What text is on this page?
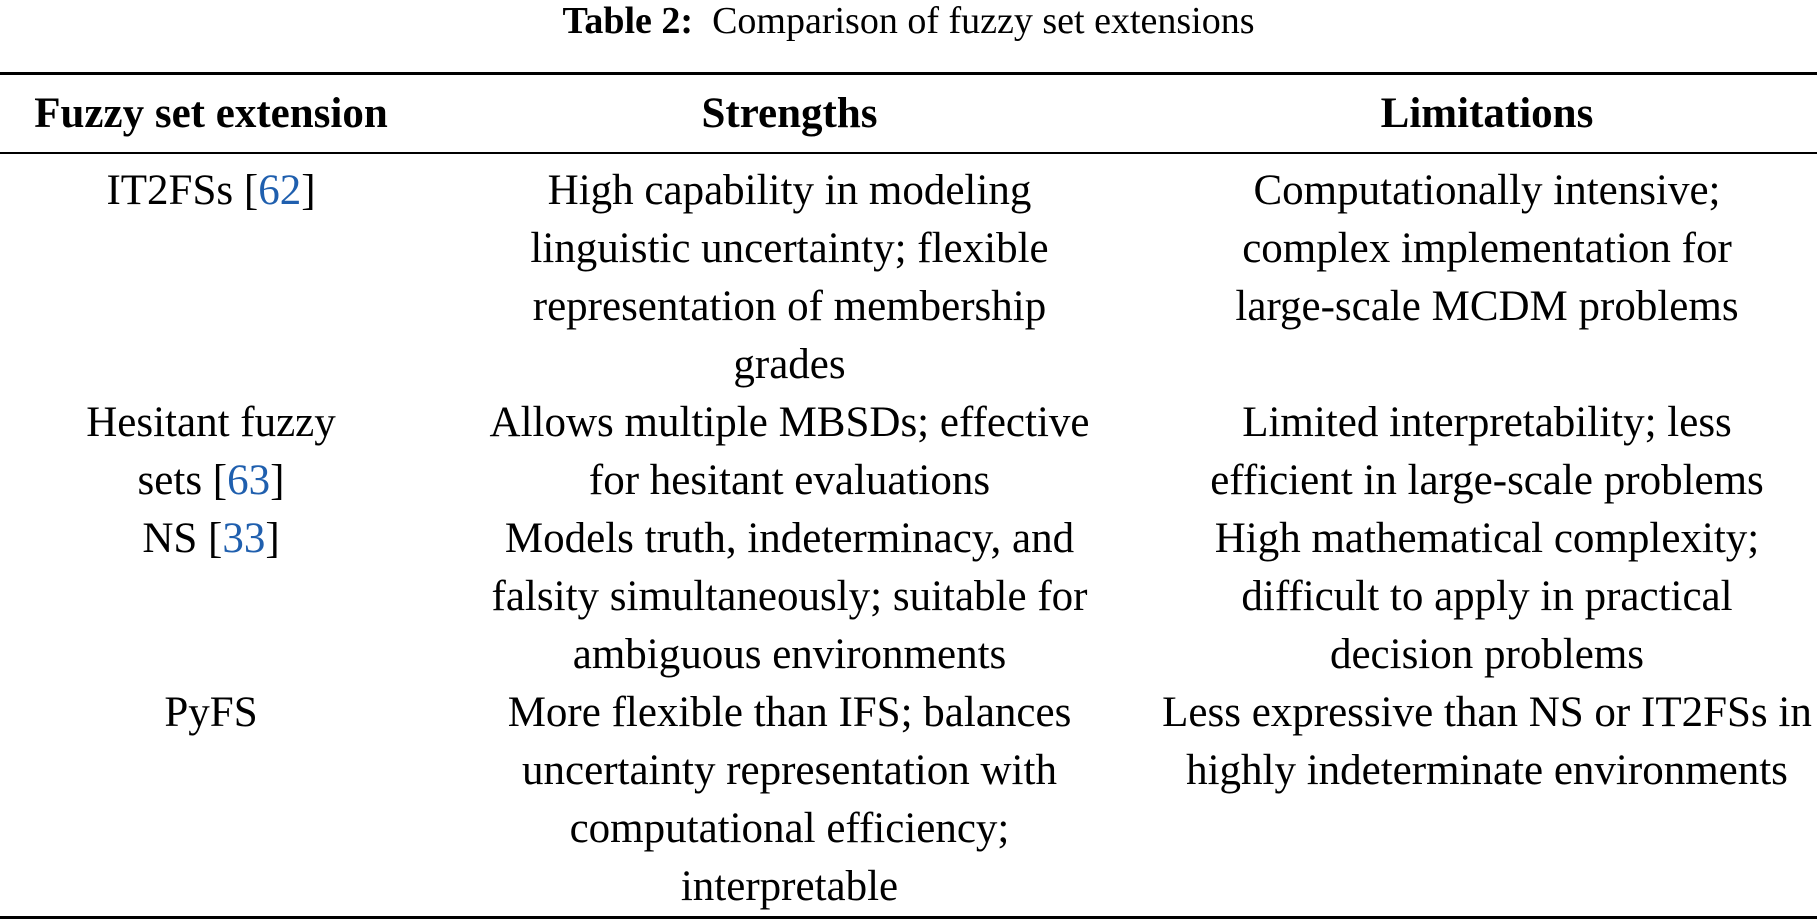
Table 2: Comparison of fuzzy set extensions
Fuzzy set extension	Strengths	Limitations
IT2FSs [62]	High capability in modeling linguistic uncertainty; flexible representation of membership grades	Computationally intensive; complex implementation for large-scale MCDM problems
Hesitant fuzzy sets [63]	Allows multiple MBSDs; effective for hesitant evaluations	Limited interpretability; less efficient in large-scale problems
NS [33]	Models truth, indeterminacy, and falsity simultaneously; suitable for ambiguous environments	High mathematical complexity; difficult to apply in practical decision problems
PyFS	More flexible than IFS; balances uncertainty representation with computational efficiency; interpretable	Less expressive than NS or IT2FSs in highly indeterminate environments
